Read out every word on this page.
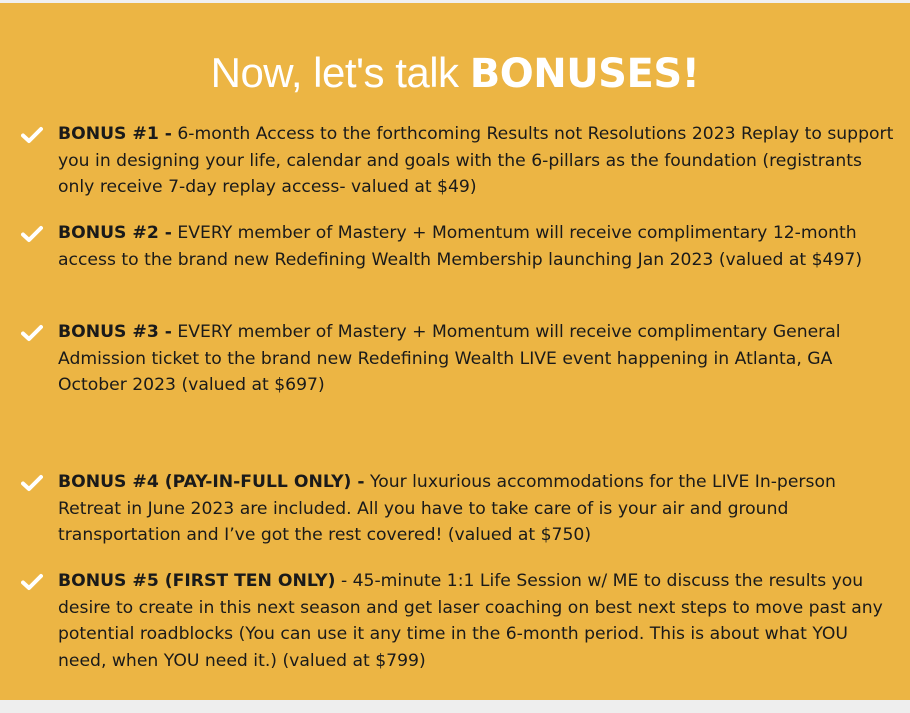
Now, let's talk BONUSES!
BONUS #1 - 6-month Access to the forthcoming Results not Resolutions 2023 Replay to support you in designing your life, calendar and goals with the 6-pillars as the foundation (registrants only receive 7-day replay access- valued at $49)
BONUS #2 - EVERY member of Mastery + Momentum will receive complimentary 12-month access to the brand new Redefining Wealth Membership launching Jan 2023 (valued at $497)
BONUS #3 - EVERY member of Mastery + Momentum will receive complimentary General Admission ticket to the brand new Redefining Wealth LIVE event happening in Atlanta, GA October 2023 (valued at $697)
BONUS #4 (PAY-IN-FULL ONLY) - Your luxurious accommodations for the LIVE In-person Retreat in June 2023 are included. All you have to take care of is your air and ground transportation and I’ve got the rest covered! (valued at $750)
BONUS #5 (FIRST TEN ONLY) - 45-minute 1:1 Life Session w/ ME to discuss the results you desire to create in this next season and get laser coaching on best next steps to move past any potential roadblocks (You can use it any time in the 6-month period. This is about what YOU need, when YOU need it.) (valued at $799)
